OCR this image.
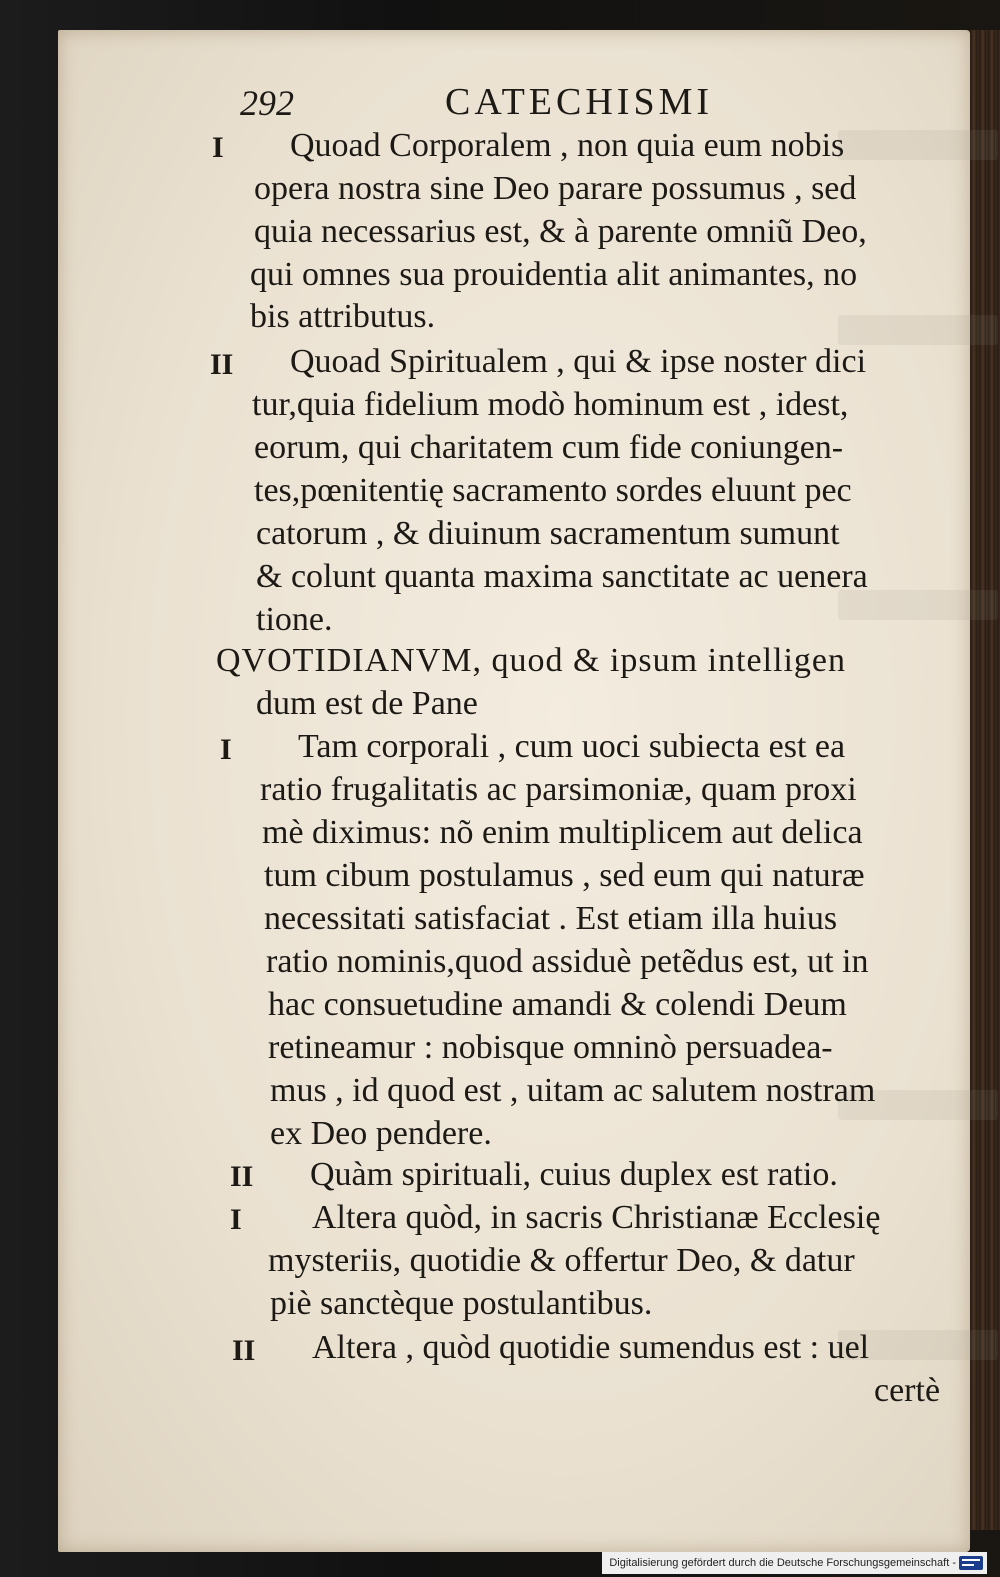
292	CATECHISMI
I	Quoad Corporalem , non quia eum nobis
opera nostra sine Deo parare possumus , sed
quia necessarius est, & à parente omniũ Deo,
qui omnes sua prouidentia alit animantes, no
bis attributus.
II	Quoad Spiritualem , qui & ipse noster dici
tur,quia fidelium modò hominum est , idest,
eorum, qui charitatem cum fide coniungen-
tes,pœnitentię sacramento sordes eluunt pec
catorum , & diuinum sacramentum sumunt
& colunt quanta maxima sanctitate ac uenera
tione.
QVOTIDIANVM, quod & ipsum intelligen
dum est de Pane
I	Tam corporali , cum uoci subiecta est ea
ratio frugalitatis ac parsimoniæ, quam proxi
mè diximus: nõ enim multiplicem aut delica
tum cibum postulamus , sed eum qui naturæ
necessitati satisfaciat . Est etiam illa huius
ratio nominis,quod assiduè petẽdus est, ut in
hac consuetudine amandi & colendi Deum
retineamur : nobisque omninò persuadea-
mus , id quod est , uitam ac salutem nostram
ex Deo pendere.
II	Quàm spirituali, cuius duplex est ratio.
I	Altera quòd, in sacris Christianæ Ecclesię
mysteriis, quotidie & offertur Deo, & datur
piè sanctèque postulantibus.
II	Altera , quòd quotidie sumendus est : uel
certè
Digitalisierung gefördert durch die Deutsche Forschungsgemeinschaft -
